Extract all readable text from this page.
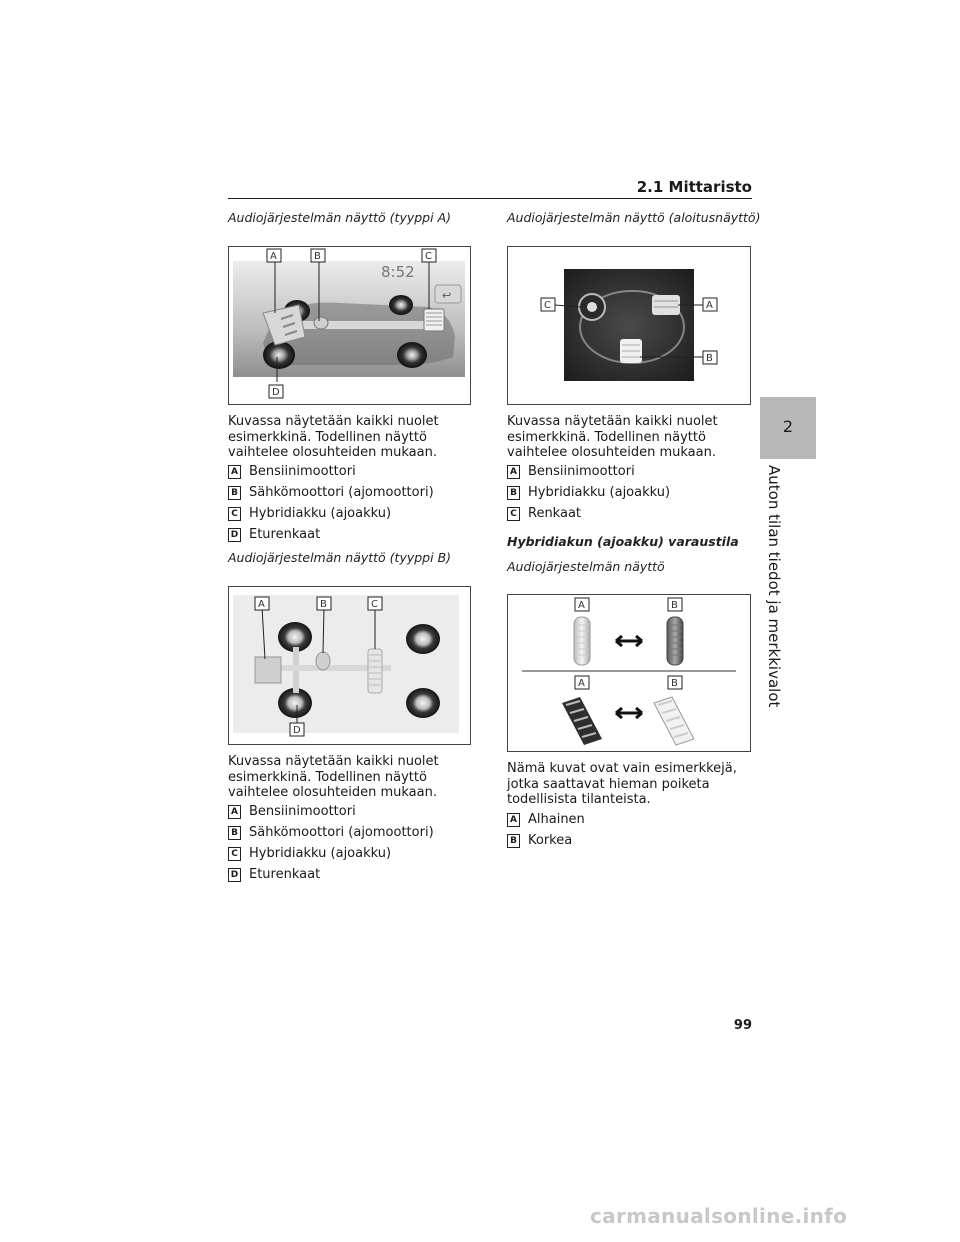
2.1 Mittaristo
2
Auton tilan tiedot ja merkkivalot
Audiojärjestelmän näyttö (tyyppi A)
8:52
↩
A	B	C
D
Kuvassa näytetään kaikki nuolet esimerkkinä. Todellinen näyttö vaihtelee olosuhteiden mukaan.
A Bensiinimoottori
B Sähkömoottori (ajomoottori)
C Hybridiakku (ajoakku)
D Eturenkaat
Audiojärjestelmän näyttö (tyyppi B)
A	B	C
D
Kuvassa näytetään kaikki nuolet esimerkkinä. Todellinen näyttö vaihtelee olosuhteiden mukaan.
A Bensiinimoottori
B Sähkömoottori (ajomoottori)
C Hybridiakku (ajoakku)
D Eturenkaat
Audiojärjestelmän näyttö (aloitusnäyttö)
A
B
C
Kuvassa näytetään kaikki nuolet esimerkkinä. Todellinen näyttö vaihtelee olosuhteiden mukaan.
A Bensiinimoottori
B Hybridiakku (ajoakku)
C Renkaat
Hybridiakun (ajoakku) varaustila
Audiojärjestelmän näyttö
A	B
A	B
Nämä kuvat ovat vain esimerkkejä, jotka saattavat hieman poiketa todellisista tilanteista.
A Alhainen
B Korkea
99
carmanualsonline.info
